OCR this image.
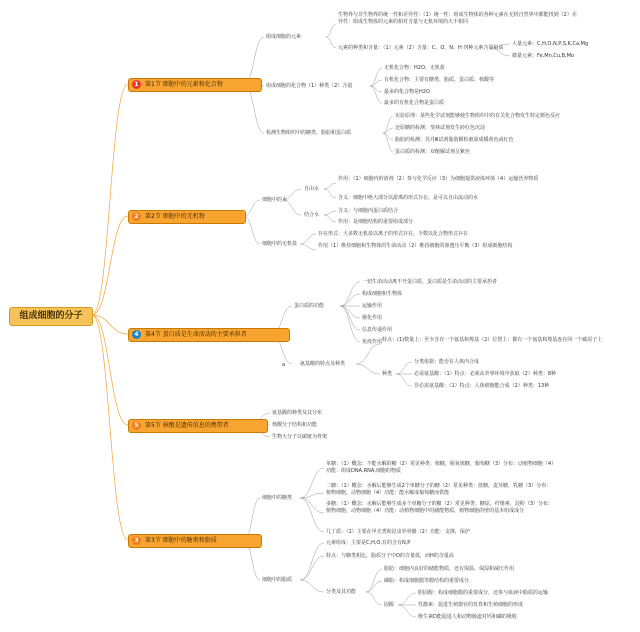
组成细胞的分子
1	第1节 细胞中的元素和化合物
组成细胞的元素
生物界与非生物界的统一性和差异性：（1）统一性：组成生物体的各种元素在无机自然界中都能找到（2）差异性：组成生物体的元素的相对含量与无机环境的大不相同
元素的种类和含量：（1）元素（2）含量：C、O、N、H 四种元素含量很高
大量元素：C,H,O,N,P,S,K,Ca,Mg
微量元素：Fe,Mn,Cu,B,Mo
组成细胞的化合物（1）种类（2）含量
无机化合物：H2O、无机盐
有机化合物：主要有糖类、脂质、蛋白质、核酸等
最多的化合物是H2O
最多的有机化合物是蛋白质
检测生物组织中的糖类、脂肪和蛋白质
实验原理：某些化学试剂能够使生物组织中的有关化合物发生特定颜色反应
还原糖的检测：斐林试剂发生砖红色沉淀
脂肪的检测：苏丹Ⅲ试剂脂肪颗粒被染成橘黄色或红色
蛋白质的检测：双缩脲试剂呈紫色
2	第2节 细胞中的无机物
细胞中的水
自由水
作用：（1）细胞内的溶剂（2）参与化学反应（3）为细胞提供液体环境（4）运输营养物质
含义：细胞中绝大部分以游离的形式存在，是可以自由流动的水
结合水
含义：与细胞内蛋白质结合
作用：是细胞结构的重要组成部分
细胞中的无机盐
存在形式：大多数无机盐以离子的形式存在，少数以化合物形式存在
作用（1）维持细胞和生物体的生命活动（2）维持细胞的渗透压平衡（3）组成细胞结构
4	第4节 蛋白质是生命活动的主要承担者
蛋白质的功能
一切生命活动离不开蛋白质，蛋白质是生命活动的主要承担者
构成细胞和生物体
运输作用
催化作用
信息传递作用
免疫作用
a	氨基酸的特点及种类
特点：(1)数量上：至少含有一个氨基和羧基（2）位置上：都有一个氨基和羧基连在同一个碳原子上
种类
分类依据：能否在人体内合成
必需氨基酸：（1）特点：必须从外界环境中获取（2）种类：8种
非必需氨基酸：（1）特点：人体细胞能合成（2）种类：13种
5	第5节 核酸是遗传信息的携带者
氨基酸的种类及其分布
核酸分子结构和功能
生物大分子以碳链为骨架
3	第3节 细胞中的糖类和脂质
细胞中的糖类
单糖：（1）概念：不能水解的糖（2）常见种类：核糖，脱氧核糖，葡萄糖（3）分布：动植物细胞（4）功能：组成DNA,RNA,细胞的物质
二糖：（1）概念：水解后能够生成2个单糖分子的糖（2）常见种类：蔗糖，麦芽糖，乳糖（3）分布：植物细胞，动物细胞（4）功能：能水解成葡萄糖而供能
多糖：（1）概念：水解后能够生成多个单糖分子的糖（2）常见种类：糖原，纤维素，淀粉（3）分布：植物细胞，动物细胞（4）功能：动植物细胞中的储能物质，植物细胞的壁的基本组成成分
几丁质：（1）主要在甲壳类和昆虫外骨骼（2）功能：支撑，保护
细胞中的脂质
元素组成：主要是C,H,O,有的含有N,P
特点：与糖类相比，脂质分子中O的含量低，而H的含量高
分类及其功能
脂肪：细胞内良好的储能物质，还有保温、保湿和减压作用
磷脂：构成细胞膜等膜结构的重要成分
固醇
胆固醇：构成细胞膜的重要成分，还参与血液中脂质的运输
性激素：促进生殖器官的发育和生殖细胞的形成
维生素D能促进人和动物肠道对钙和磷的吸收
